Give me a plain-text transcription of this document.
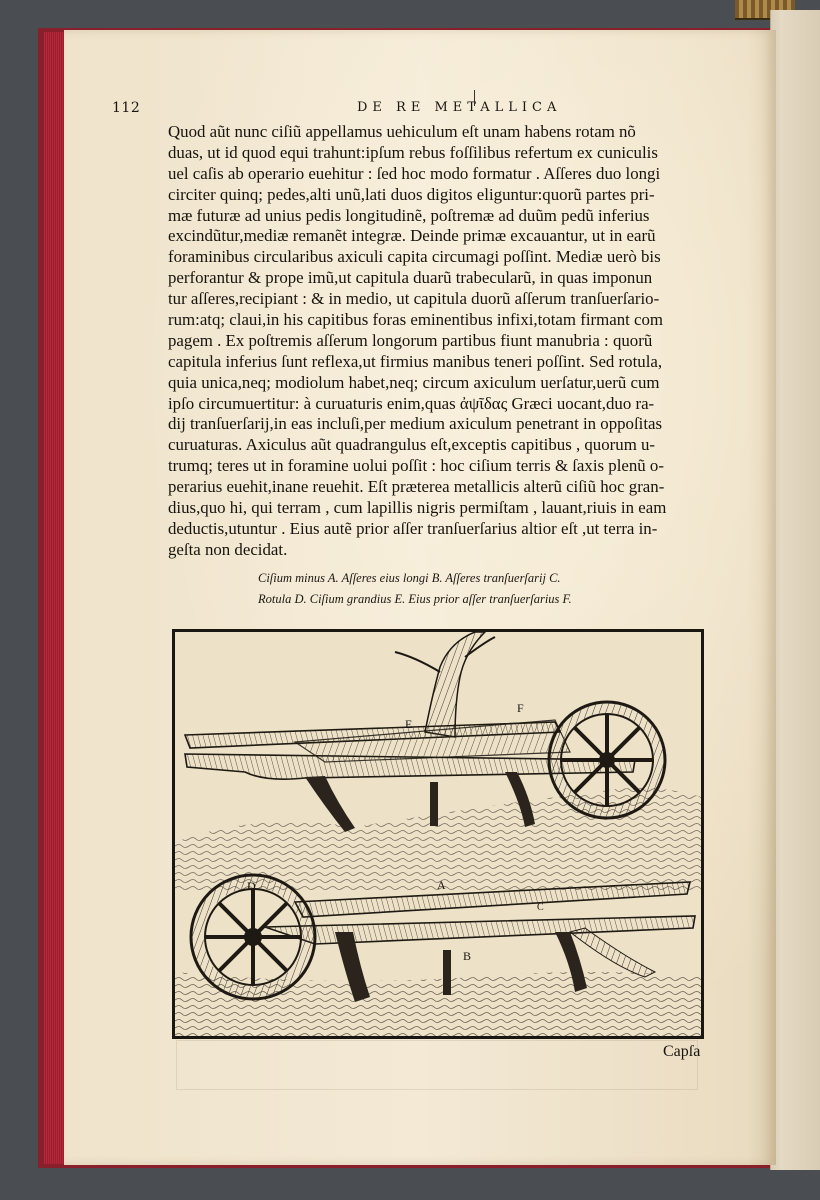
112	DE RE METALLICA
Quod aũt nunc ciſiũ appellamus uehiculum eſt unam habens rotam nõ
duas, ut id quod equi trahunt:ipſum rebus foſſilibus refertum ex cuniculis
uel caſis ab operario euehitur : ſed hoc modo formatur . Aſſeres duo longi
circiter quinq; pedes,alti unũ,lati duos digitos eliguntur:quorũ partes pri-
mæ futuræ ad unius pedis longitudinẽ, poſtremæ ad duũm pedũ inferius
excindũtur,mediæ remanẽt integræ. Deinde primæ excauantur, ut in earũ
foraminibus circularibus axiculi capita circumagi poſſint. Mediæ uerò bis
perforantur & prope imũ,ut capitula duarũ trabecularũ, in quas imponun
tur aſſeres,recipiant : & in medio, ut capitula duorũ aſſerum tranſuerſario-
rum:atq; claui,in his capitibus foras eminentibus infixi,totam firmant com
pagem . Ex poſtremis aſſerum longorum partibus fiunt manubria : quorũ
capitula inferius ſunt reflexa,ut firmius manibus teneri poſſint. Sed rotula,
quia unica,neq; modiolum habet,neq; circum axiculum uerſatur,uerũ cum
ipſo circumuertitur: à curuaturis enim,quas ἀψῖδας Græci uocant,duo ra-
dij tranſuerſarij,in eas incluſi,per medium axiculum penetrant in oppoſitas
curuaturas. Axiculus aũt quadrangulus eſt,exceptis capitibus , quorum u-
trumq; teres ut in foramine uolui poſſit : hoc ciſium terris & ſaxis plenũ o-
perarius euehit,inane reuehit. Eſt præterea metallicis alterũ ciſiũ hoc gran-
dius,quo hi, qui terram , cum lapillis nigris permiſtam , lauant,riuis in eam
deductis,utuntur . Eius autẽ prior aſſer tranſuerſarius altior eſt ,ut terra in-
geſta non decidat.
Ciſium minus A. Aſſeres eius longi B. Aſſeres tranſuerſarij C.
Rotula D. Ciſium grandius E. Eius prior aſſer tranſuerſarius F.
E
F
A
B
C
D
Capſa
